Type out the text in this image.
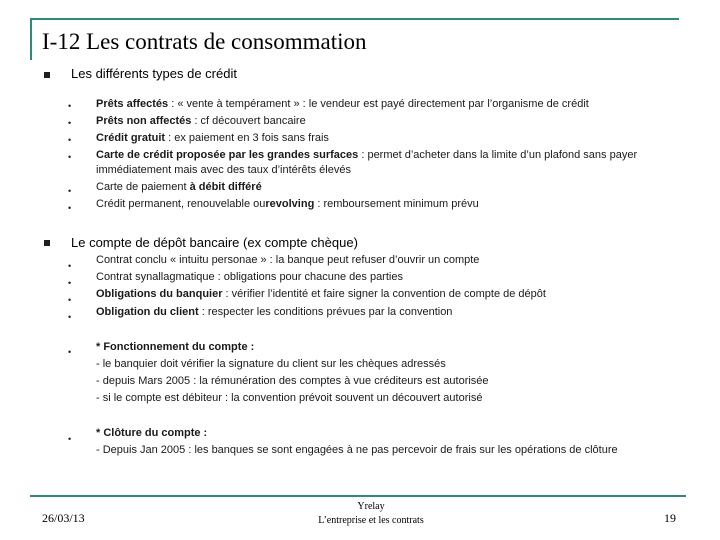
I-12 Les contrats de consommation
Les différents types de crédit
•
•
•
•
•
•
Prêts affectés : « vente à tempérament » : le vendeur est payé directement par l’organisme de crédit
Prêts non affectés : cf découvert bancaire
Crédit gratuit : ex paiement en 3 fois sans frais
Carte de crédit proposée par les grandes surfaces : permet d’acheter dans la limite d’un plafond sans payer
immédiatement mais avec des taux d’intérêts élevés
Carte de paiement à débit différé
Crédit permanent, renouvelable ourevolving : remboursement minimum prévu
Le compte de dépôt bancaire (ex compte chèque)
•
•
•
•
•
•
Contrat conclu « intuitu personae » : la banque peut refuser d’ouvrir un compte
Contrat synallagmatique : obligations pour chacune des parties
Obligations du banquier : vérifier l’identité et faire signer la convention de compte de dépôt
Obligation du client : respecter les conditions prévues par la convention
* Fonctionnement du compte :
- le banquier doit vérifier la signature du client sur les chèques adressés
- depuis Mars 2005 : la rémunération des comptes à vue créditeurs est autorisée
- si le compte est débiteur : la convention prévoit souvent un découvert autorisé
* Clôture du compte :
- Depuis Jan 2005 : les banques se sont engagées à ne pas percevoir de frais sur les opérations de clôture
26/03/13
Yrelay
L’entreprise et les contrats	19
